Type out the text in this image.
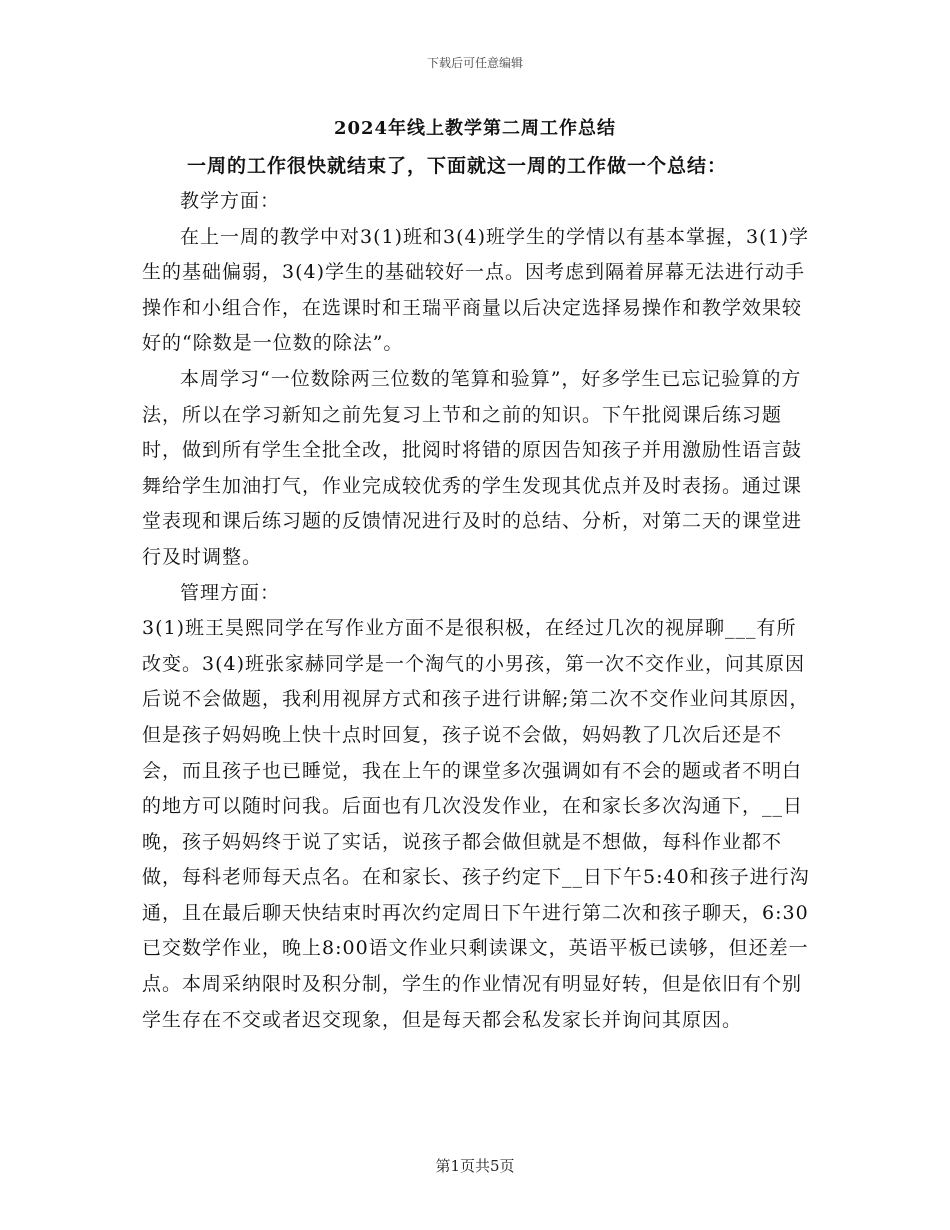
下载后可任意编辑
2024年线上教学第二周工作总结
一周的工作很快就结束了，下面就这一周的工作做一个总结：

教学方面：

在上一周的教学中对3(1)班和3(4)班学生的学情以有基本掌握，3(1)学生的基础偏弱，3(4)学生的基础较好一点。因考虑到隔着屏幕无法进行动手操作和小组合作，在选课时和王瑞平商量以后决定选择易操作和教学效果较好的“除数是一位数的除法”。

本周学习“一位数除两三位数的笔算和验算”，好多学生已忘记验算的方法，所以在学习新知之前先复习上节和之前的知识。下午批阅课后练习题时，做到所有学生全批全改，批阅时将错的原因告知孩子并用激励性语言鼓舞给学生加油打气，作业完成较优秀的学生发现其优点并及时表扬。通过课堂表现和课后练习题的反馈情况进行及时的总结、分析，对第二天的课堂进行及时调整。

管理方面：

3(1)班王昊熙同学在写作业方面不是很积极，在经过几次的视屏聊___有所改变。3(4)班张家赫同学是一个淘气的小男孩，第一次不交作业，问其原因后说不会做题，我利用视屏方式和孩子进行讲解;第二次不交作业问其原因，但是孩子妈妈晚上快十点时回复，孩子说不会做，妈妈教了几次后还是不会，而且孩子也已睡觉，我在上午的课堂多次强调如有不会的题或者不明白的地方可以随时问我。后面也有几次没发作业，在和家长多次沟通下，__日晚，孩子妈妈终于说了实话，说孩子都会做但就是不想做，每科作业都不做，每科老师每天点名。在和家长、孩子约定下__日下午5:40和孩子进行沟通，且在最后聊天快结束时再次约定周日下午进行第二次和孩子聊天，6:30已交数学作业，晚上8:00语文作业只剩读课文，英语平板已读够，但还差一点。本周采纳限时及积分制，学生的作业情况有明显好转，但是依旧有个别学生存在不交或者迟交现象，但是每天都会私发家长并询问其原因。

第1页共5页
